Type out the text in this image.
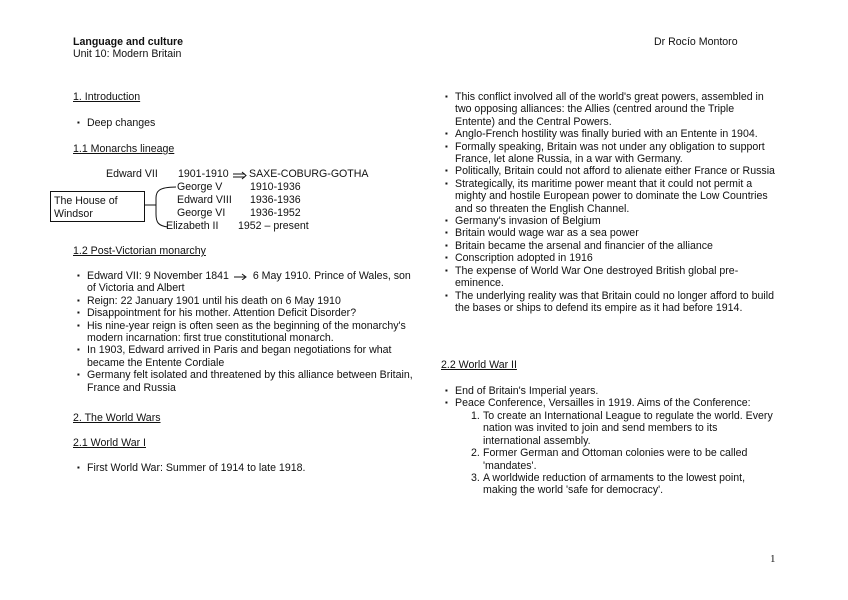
Language and culture
Unit 10: Modern Britain
Dr Rocío Montoro
1. Introduction
▪ Deep changes
1.1 Monarchs lineage
Edward VII 1901-1910 SAXE-COBURG-GOTHA
The House of
Windsor
George V	1910-1936
Edward VIII 1936-1936
George VI 1936-1952
Elizabeth II 1952 – present
1.2 Post-Victorian monarchy
▪ Edward VII: 9 November 1841 6 May 1910. Prince of Wales, son of Victoria and Albert
▪ Reign: 22 January 1901 until his death on 6 May 1910
▪ Disappointment for his mother. Attention Deficit Disorder?
▪ His nine-year reign is often seen as the beginning of the monarchy's modern incarnation: first true constitutional monarch.
▪ In 1903, Edward arrived in Paris and began negotiations for what became the Entente Cordiale
▪ Germany felt isolated and threatened by this alliance between Britain, France and Russia
2. The World Wars
2.1 World War I
▪ First World War: Summer of 1914 to late 1918.
▪ This conflict involved all of the world's great powers, assembled in two opposing alliances: the Allies (centred around the Triple Entente) and the Central Powers.
▪ Anglo-French hostility was finally buried with an Entente in 1904.
▪ Formally speaking, Britain was not under any obligation to support France, let alone Russia, in a war with Germany.
▪ Politically, Britain could not afford to alienate either France or Russia
▪ Strategically, its maritime power meant that it could not permit a mighty and hostile European power to dominate the Low Countries and so threaten the English Channel.
▪ Germany's invasion of Belgium
▪ Britain would wage war as a sea power
▪ Britain became the arsenal and financier of the alliance
▪ Conscription adopted in 1916
▪ The expense of World War One destroyed British global pre-eminence.
▪ The underlying reality was that Britain could no longer afford to build the bases or ships to defend its empire as it had before 1914.
2.2 World War II
▪ End of Britain's Imperial years.
▪ Peace Conference, Versailles in 1919. Aims of the Conference:
1. To create an International League to regulate the world. Every nation was invited to join and send members to its international assembly.
2. Former German and Ottoman colonies were to be called 'mandates'.
3. A worldwide reduction of armaments to the lowest point, making the world 'safe for democracy'.
1
